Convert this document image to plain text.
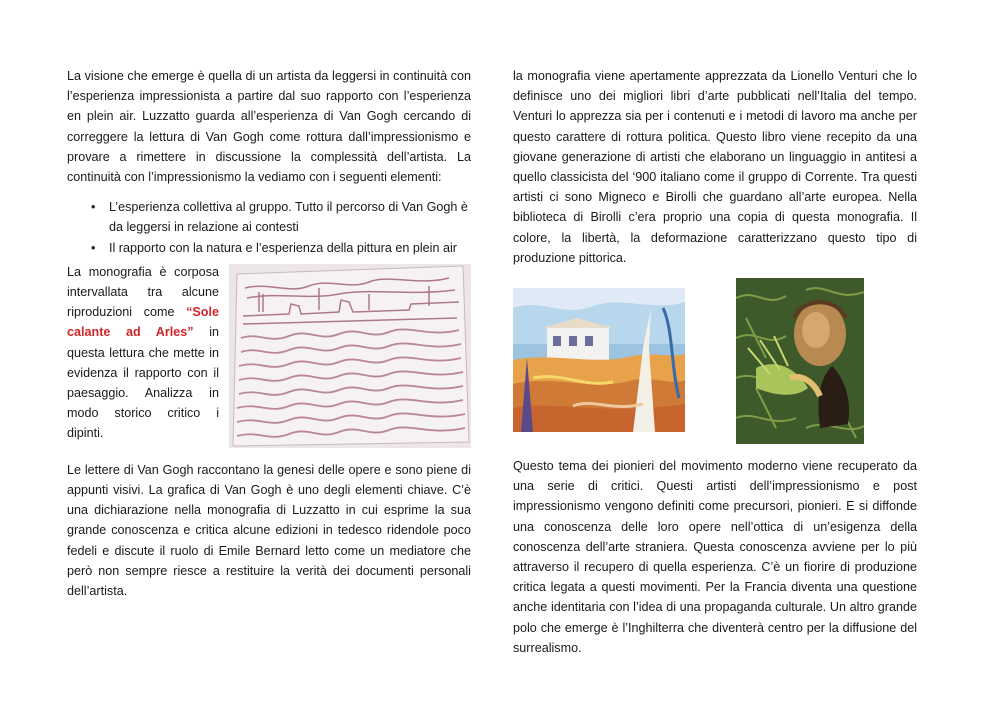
La visione che emerge è quella di un artista da leggersi in continuità con l’esperienza impressionista a partire dal suo rapporto con l’esperienza en plein air. Luzzatto guarda all’esperienza di Van Gogh cercando di correggere la lettura di Van Gogh come rottura dall’impressionismo e provare a rimettere in discussione la complessità dell’artista. La continuità con l’impressionismo la vediamo con i seguenti elementi:

• L’esperienza collettiva al gruppo. Tutto il percorso di Van Gogh è da leggersi in relazione ai contesti
• Il rapporto con la natura e l’esperienza della pittura en plein air

La monografia è corposa intervallata tra alcune riproduzioni come “Sole calante ad Arles” in questa lettura che mette in evidenza il rapporto con il paesaggio. Analizza in modo storico critico i dipinti.

Le lettere di Van Gogh raccontano la genesi delle opere e sono piene di appunti visivi. La grafica di Van Gogh è uno degli elementi chiave. C’è una dichiarazione nella monografia di Luzzatto in cui esprime la sua grande conoscenza e critica alcune edizioni in tedesco ridendole poco fedeli e discute il ruolo di Emile Bernard letto come un mediatore che però non sempre riesce a restituire la verità dei documenti personali dell’artista.

la monografia viene apertamente apprezzata da Lionello Venturi che lo definisce uno dei migliori libri d’arte pubblicati nell’Italia del tempo. Venturi lo apprezza sia per i contenuti e i metodi di lavoro ma anche per questo carattere di rottura politica. Questo libro viene recepito da una giovane generazione di artisti che elaborano un linguaggio in antitesi a quello classicista del ‘900 italiano come il gruppo di Corrente. Tra questi artisti ci sono Migneco e Birolli che guardano all’arte europea. Nella biblioteca di Birolli c’era proprio una copia di questa monografia. Il colore, la libertà, la deformazione caratterizzano questo tipo di produzione pittorica.

Questo tema dei pionieri del movimento moderno viene recuperato da una serie di critici. Questi artisti dell’impressionismo e post impressionismo vengono definiti come precursori, pionieri. E si diffonde una conoscenza delle loro opere nell’ottica di un’esigenza della conoscenza dell’arte straniera. Questa conoscenza avviene per lo più attraverso il recupero di quella esperienza. C’è un fiorire di produzione critica legata a questi movimenti. Per la Francia diventa una questione anche identitaria con l’idea di una propaganda culturale. Un altro grande polo che emerge è l’Inghilterra che diventerà centro per la diffusione del surrealismo.
